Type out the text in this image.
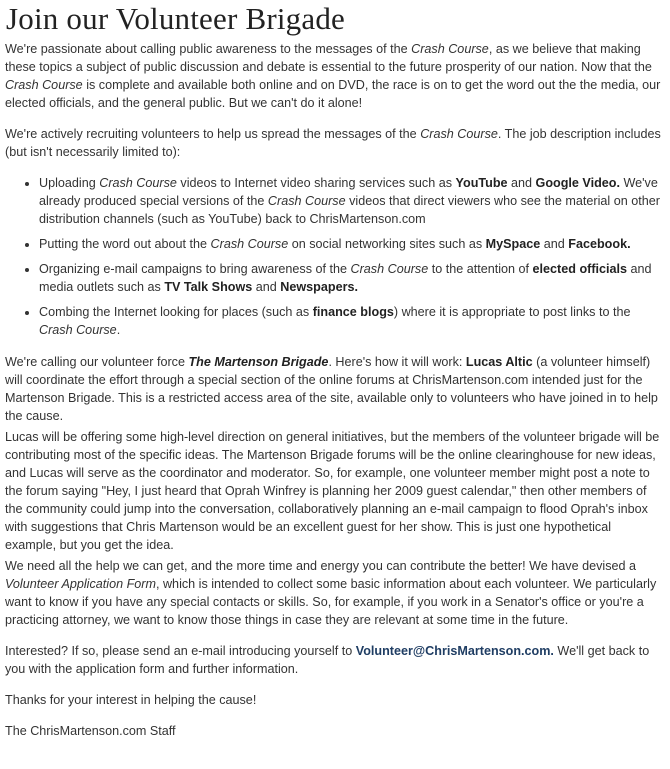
Join our Volunteer Brigade

We're passionate about calling public awareness to the messages of the Crash Course, as we believe that making these topics a subject of public discussion and debate is essential to the future prosperity of our nation. Now that the Crash Course is complete and available both online and on DVD, the race is on to get the word out the the media, our elected officials, and the general public. But we can't do it alone!

We're actively recruiting volunteers to help us spread the messages of the Crash Course. The job description includes (but isn't necessarily limited to):

• Uploading Crash Course videos to Internet video sharing services such as YouTube and Google Video. We've already produced special versions of the Crash Course videos that direct viewers who see the material on other distribution channels (such as YouTube) back to ChrisMartenson.com
• Putting the word out about the Crash Course on social networking sites such as MySpace and Facebook.
• Organizing e-mail campaigns to bring awareness of the Crash Course to the attention of elected officials and media outlets such as TV Talk Shows and Newspapers.
• Combing the Internet looking for places (such as finance blogs) where it is appropriate to post links to the Crash Course.

We're calling our volunteer force The Martenson Brigade. Here's how it will work: Lucas Altic (a volunteer himself) will coordinate the effort through a special section of the online forums at ChrisMartenson.com intended just for the Martenson Brigade. This is a restricted access area of the site, available only to volunteers who have joined in to help the cause.

Lucas will be offering some high-level direction on general initiatives, but the members of the volunteer brigade will be contributing most of the specific ideas. The Martenson Brigade forums will be the online clearinghouse for new ideas, and Lucas will serve as the coordinator and moderator. So, for example, one volunteer member might post a note to the forum saying "Hey, I just heard that Oprah Winfrey is planning her 2009 guest calendar," then other members of the community could jump into the conversation, collaboratively planning an e-mail campaign to flood Oprah's inbox with suggestions that Chris Martenson would be an excellent guest for her show. This is just one hypothetical example, but you get the idea.

We need all the help we can get, and the more time and energy you can contribute the better! We have devised a Volunteer Application Form, which is intended to collect some basic information about each volunteer. We particularly want to know if you have any special contacts or skills. So, for example, if you work in a Senator's office or you're a practicing attorney, we want to know those things in case they are relevant at some time in the future.

Interested? If so, please send an e-mail introducing yourself to Volunteer@ChrisMartenson.com. We'll get back to you with the application form and further information.

Thanks for your interest in helping the cause!

The ChrisMartenson.com Staff
